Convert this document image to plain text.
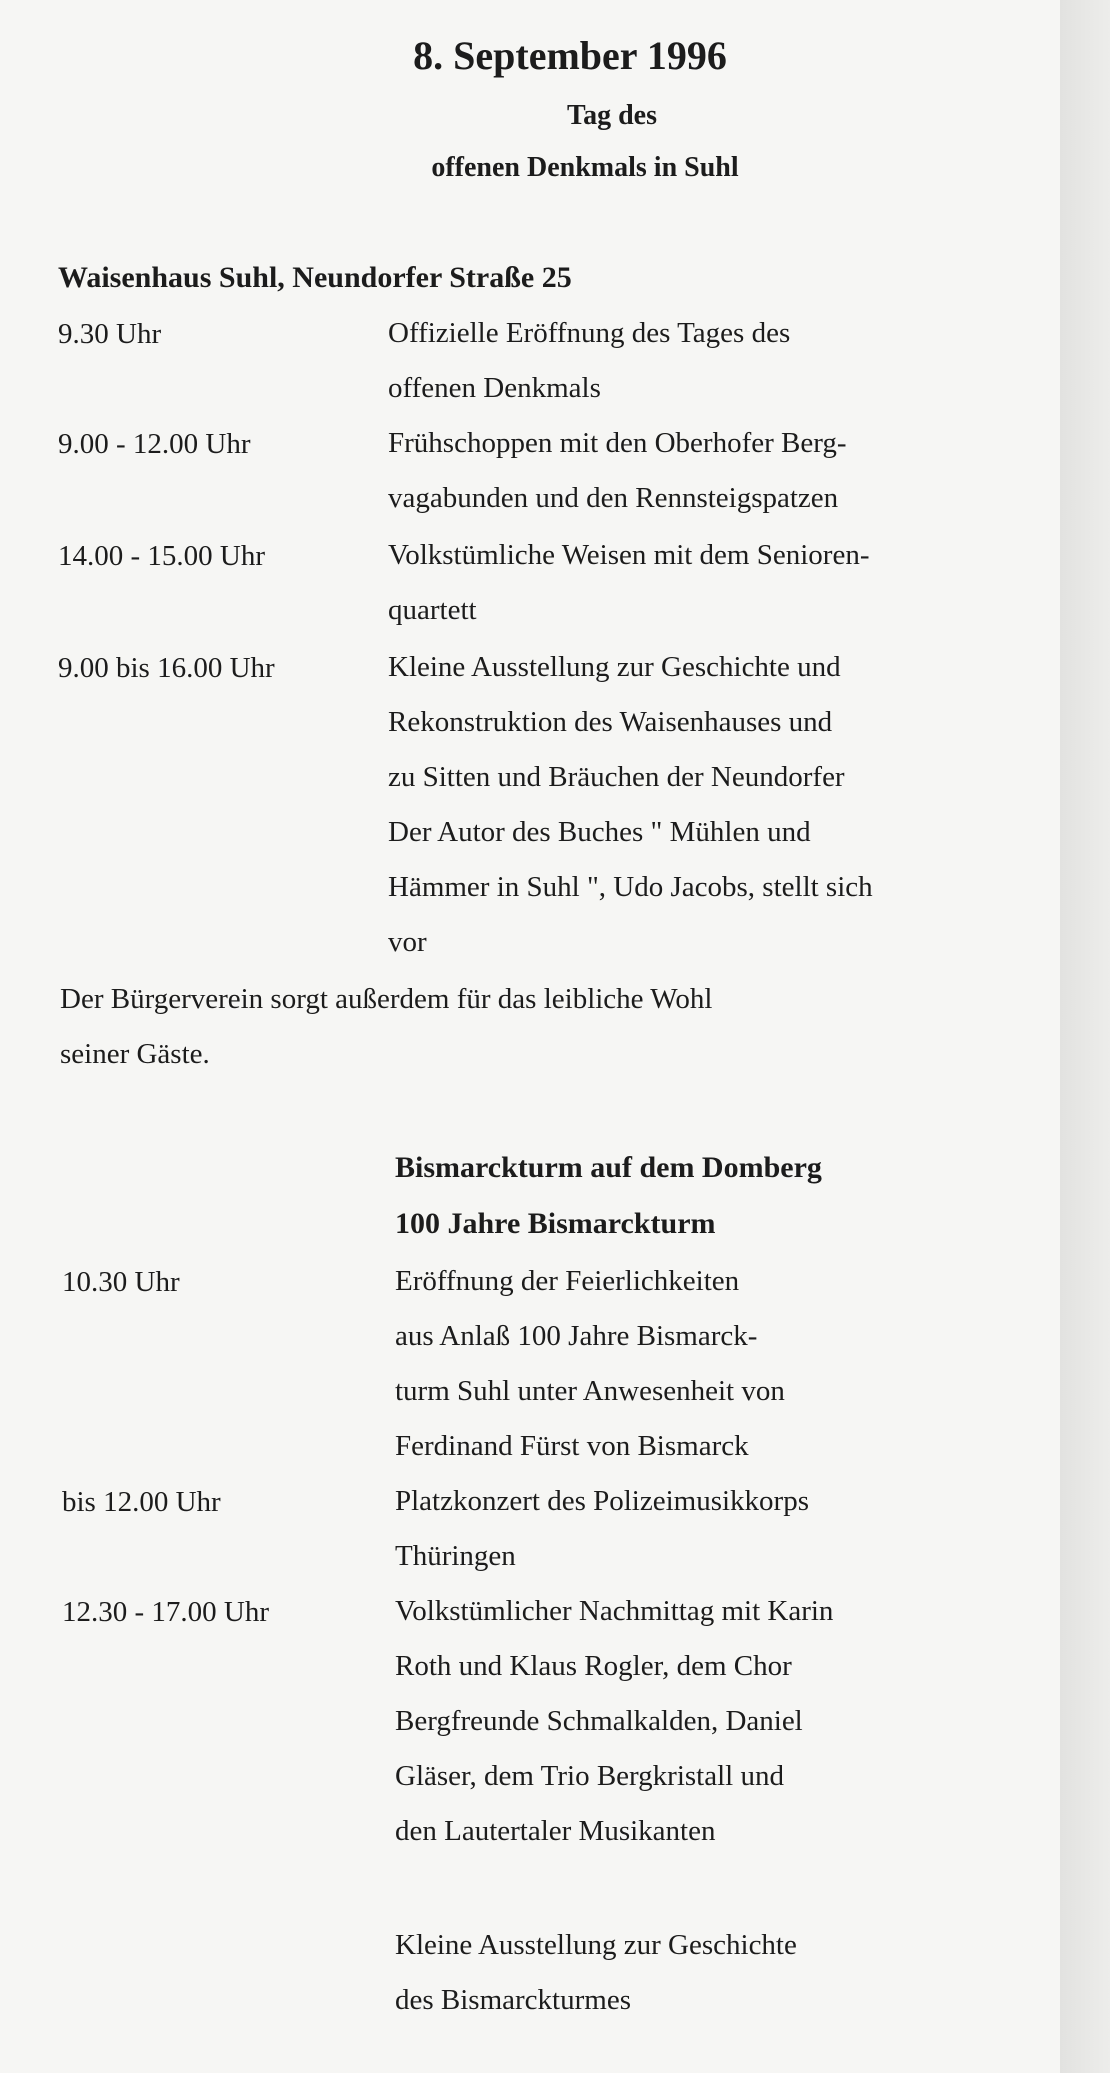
8. September 1996
Tag des
offenen Denkmals in Suhl
Waisenhaus Suhl, Neundorfer Straße 25
9.30 Uhr	Offizielle Eröffnung des Tages des
offenen Denkmals
9.00 - 12.00 Uhr	Frühschoppen mit den Oberhofer Berg-
vagabunden und den Rennsteigspatzen
14.00 - 15.00 Uhr	Volkstümliche Weisen mit dem Senioren-
quartett
9.00 bis 16.00 Uhr	Kleine Ausstellung zur Geschichte und
Rekonstruktion des Waisenhauses und
zu Sitten und Bräuchen der Neundorfer
Der Autor des Buches " Mühlen und
Hämmer in Suhl ", Udo Jacobs, stellt sich
vor
Der Bürgerverein sorgt außerdem für das leibliche Wohl
seiner Gäste.
Bismarckturm auf dem Domberg
100 Jahre Bismarckturm
10.30 Uhr	Eröffnung der Feierlichkeiten
aus Anlaß 100 Jahre Bismarck-
turm Suhl unter Anwesenheit von
Ferdinand Fürst von Bismarck
bis 12.00 Uhr	Platzkonzert des Polizeimusikkorps
Thüringen
12.30 - 17.00 Uhr	Volkstümlicher Nachmittag mit Karin
Roth und Klaus Rogler, dem Chor
Bergfreunde Schmalkalden, Daniel
Gläser, dem Trio Bergkristall und
den Lautertaler Musikanten
Kleine Ausstellung zur Geschichte
des Bismarckturmes
